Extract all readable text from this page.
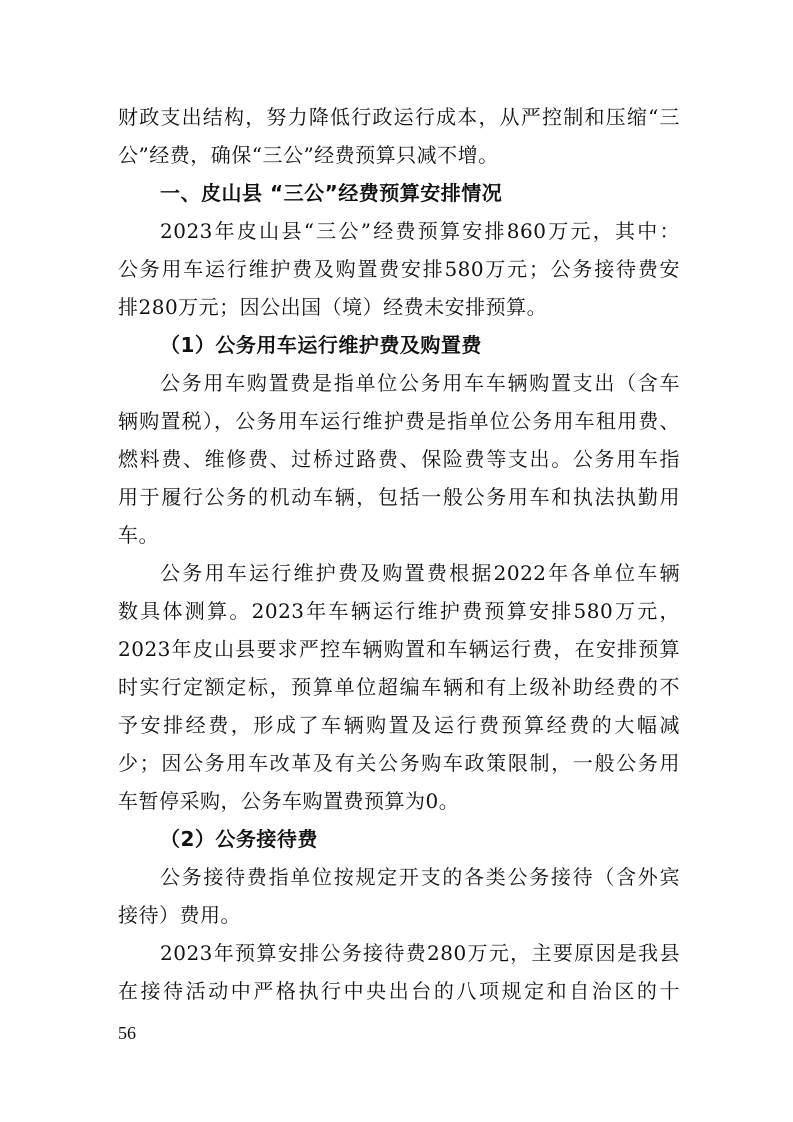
财政支出结构，努力降低行政运行成本，从严控制和压缩“三
公”经费，确保“三公”经费预算只减不增。
一、皮山县 “三公”经费预算安排情况
2023年皮山县“三公”经费预算安排860万元，其中：
公务用车运行维护费及购置费安排580万元；公务接待费安
排280万元；因公出国（境）经费未安排预算。
（1）公务用车运行维护费及购置费
公务用车购置费是指单位公务用车车辆购置支出（含车
辆购置税），公务用车运行维护费是指单位公务用车租用费、
燃料费、维修费、过桥过路费、保险费等支出。公务用车指
用于履行公务的机动车辆，包括一般公务用车和执法执勤用
车。
公务用车运行维护费及购置费根据2022年各单位车辆
数具体测算。2023年车辆运行维护费预算安排580万元，
2023年皮山县要求严控车辆购置和车辆运行费，在安排预算
时实行定额定标，预算单位超编车辆和有上级补助经费的不
予安排经费，形成了车辆购置及运行费预算经费的大幅减
少；因公务用车改革及有关公务购车政策限制，一般公务用
车暂停采购，公务车购置费预算为0。
（2）公务接待费
公务接待费指单位按规定开支的各类公务接待（含外宾
接待）费用。
2023年预算安排公务接待费280万元，主要原因是我县
在接待活动中严格执行中央出台的八项规定和自治区的十
56
